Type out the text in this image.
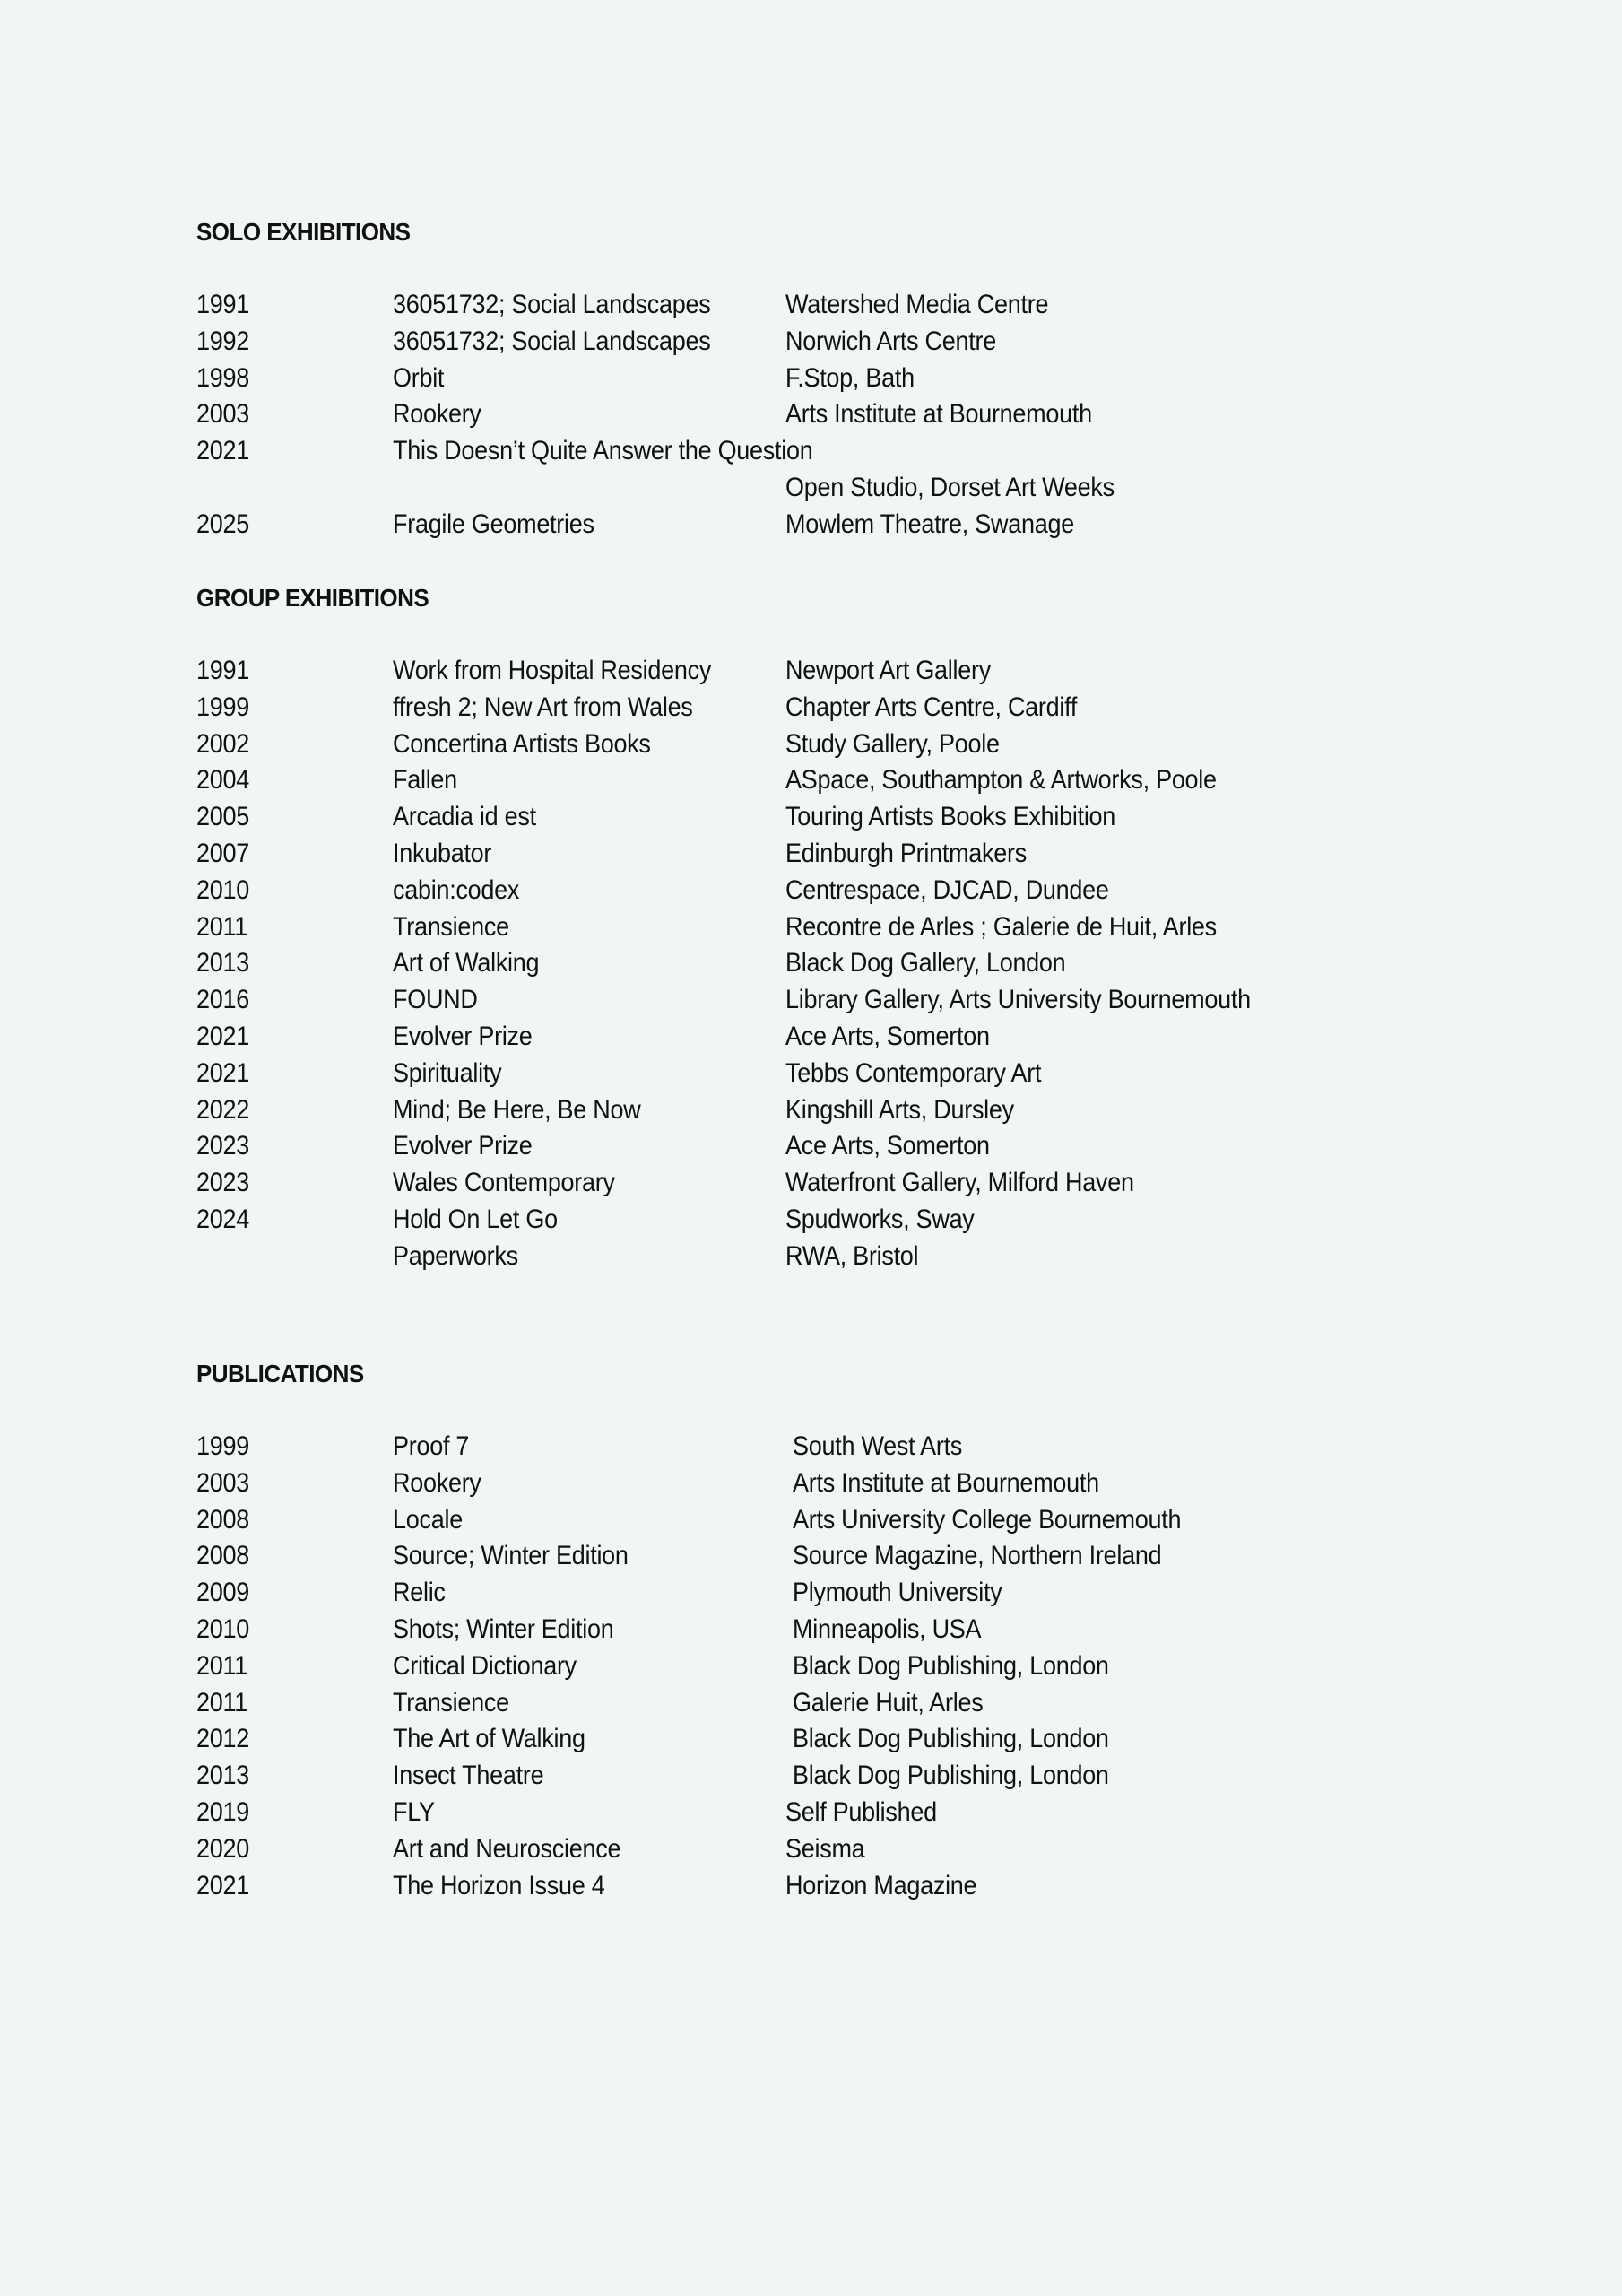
SOLO EXHIBITIONS
1991	36051732; Social Landscapes	Watershed Media Centre
1992	36051732; Social Landscapes	Norwich Arts Centre
1998	Orbit	F.Stop, Bath
2003	Rookery	Arts Institute at Bournemouth
2021	This Doesn’t Quite Answer the Question
Open Studio, Dorset Art Weeks
2025	Fragile Geometries	Mowlem Theatre, Swanage
GROUP EXHIBITIONS
1991	Work from Hospital Residency	Newport Art Gallery
1999	ffresh 2; New Art from Wales	Chapter Arts Centre, Cardiff
2002	Concertina Artists Books	Study Gallery, Poole
2004	Fallen	ASpace, Southampton & Artworks, Poole
2005	Arcadia id est	Touring Artists Books Exhibition
2007	Inkubator	Edinburgh Printmakers
2010	cabin:codex	Centrespace, DJCAD, Dundee
2011	Transience	Recontre de Arles ; Galerie de Huit, Arles
2013	Art of Walking	Black Dog Gallery, London
2016	FOUND	Library Gallery, Arts University Bournemouth
2021	Evolver Prize	Ace Arts, Somerton
2021	Spirituality	Tebbs Contemporary Art
2022	Mind; Be Here, Be Now	Kingshill Arts, Dursley
2023	Evolver Prize	Ace Arts, Somerton
2023	Wales Contemporary	Waterfront Gallery, Milford Haven
2024	Hold On Let Go	Spudworks, Sway
Paperworks	RWA, Bristol
PUBLICATIONS
1999	Proof 7	South West Arts
2003	Rookery	Arts Institute at Bournemouth
2008	Locale	Arts University College Bournemouth
2008	Source; Winter Edition	Source Magazine, Northern Ireland
2009	Relic	Plymouth University
2010	Shots; Winter Edition	Minneapolis, USA
2011	Critical Dictionary	Black Dog Publishing, London
2011	Transience	Galerie Huit, Arles
2012	The Art of Walking	Black Dog Publishing, London
2013	Insect Theatre	Black Dog Publishing, London
2019	FLY	Self Published
2020	Art and Neuroscience	Seisma
2021	The Horizon Issue 4	Horizon Magazine
